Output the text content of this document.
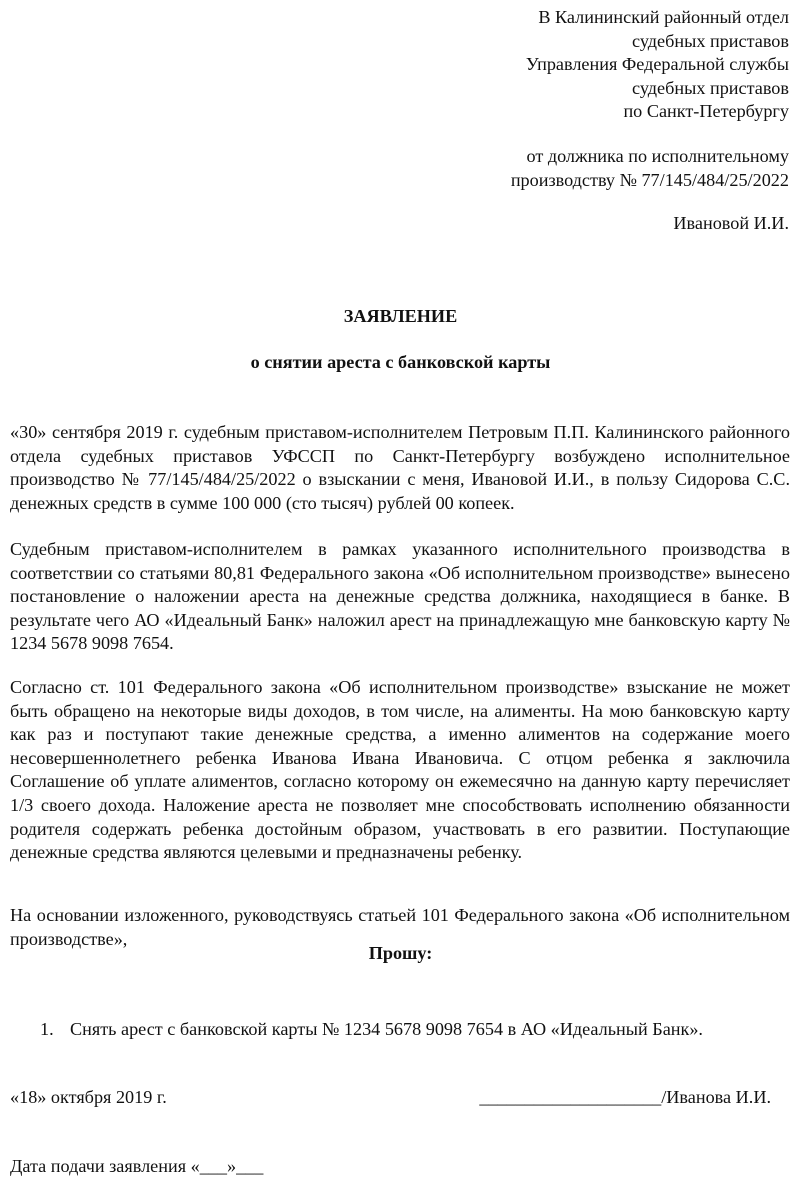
В Калининский районный отдел
судебных приставов
Управления Федеральной службы
судебных приставов
по Санкт-Петербургу
от должника по исполнительному
производству № 77/145/484/25/2022
Ивановой И.И.
ЗАЯВЛЕНИЕ
о снятии ареста с банковской карты

«30» сентября 2019 г. судебным приставом-исполнителем Петровым П.П. Калининского районного отдела судебных приставов УФССП по Санкт-Петербургу возбуждено исполнительное производство № 77/145/484/25/2022 о взыскании с меня, Ивановой И.И., в пользу Сидорова С.С. денежных средств в сумме 100 000 (сто тысяч) рублей 00 копеек.

Судебным приставом-исполнителем в рамках указанного исполнительного производства в соответствии со статьями 80,81 Федерального закона «Об исполнительном производстве» вынесено постановление о наложении ареста на денежные средства должника, находящиеся в банке. В результате чего АО «Идеальный Банк» наложил арест на принадлежащую мне банковскую карту № 1234 5678 9098 7654.

Согласно ст. 101 Федерального закона «Об исполнительном производстве» взыскание не может быть обращено на некоторые виды доходов, в том числе, на алименты. На мою банковскую карту как раз и поступают такие денежные средства, а именно алиментов на содержание моего несовершеннолетнего ребенка Иванова Ивана Ивановича. С отцом ребенка я заключила Соглашение об уплате алиментов, согласно которому он ежемесячно на данную карту перечисляет 1/3 своего дохода. Наложение ареста не позволяет мне способствовать исполнению обязанности родителя содержать ребенка достойным образом, участвовать в его развитии. Поступающие денежные средства являются целевыми и предназначены ребенку.

На основании изложенного, руководствуясь статьей 101 Федерального закона «Об исполнительном производстве»,

Прошу:
1. Снять арест с банковской карты № 1234 5678 9098 7654 в АО «Идеальный Банк».
«18» октября 2019 г.	____________________/Иванова И.И.
Дата подачи заявления «___»___
